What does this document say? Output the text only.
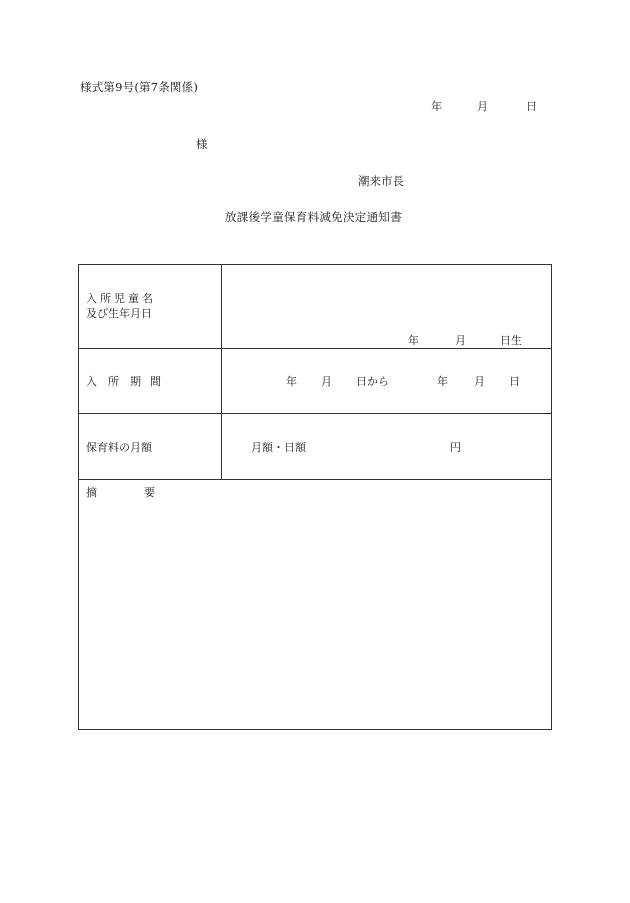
様式第9号(第7条関係)
年	月	日
様
潮来市長
放課後学童保育料減免決定通知書
入所児童名
及び生年月日
年	月	日生
入 所 期 間	年 月 日から	年 月 日
保育料の月額	月額・日額	円
摘	要
